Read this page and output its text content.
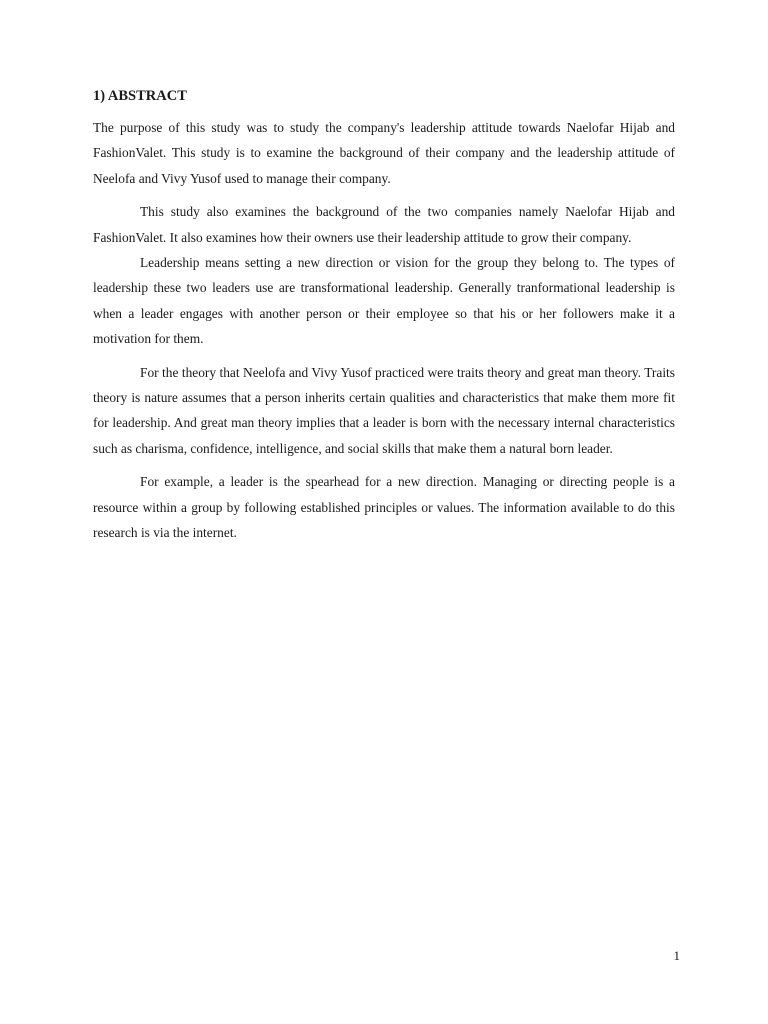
1) ABSTRACT

The purpose of this study was to study the company's leadership attitude towards Naelofar Hijab and FashionValet. This study is to examine the background of their company and the leadership attitude of Neelofa and Vivy Yusof used to manage their company.

This study also examines the background of the two companies namely Naelofar Hijab and FashionValet. It also examines how their owners use their leadership attitude to grow their company.

Leadership means setting a new direction or vision for the group they belong to. The types of leadership these two leaders use are transformational leadership. Generally tranformational leadership is when a leader engages with another person or their employee so that his or her followers make it a motivation for them.

For the theory that Neelofa and Vivy Yusof practiced were traits theory and great man theory. Traits theory is nature assumes that a person inherits certain qualities and characteristics that make them more fit for leadership. And great man theory implies that a leader is born with the necessary internal characteristics such as charisma, confidence, intelligence, and social skills that make them a natural born leader.

For example, a leader is the spearhead for a new direction. Managing or directing people is a resource within a group by following established principles or values. The information available to do this research is via the internet.

1
